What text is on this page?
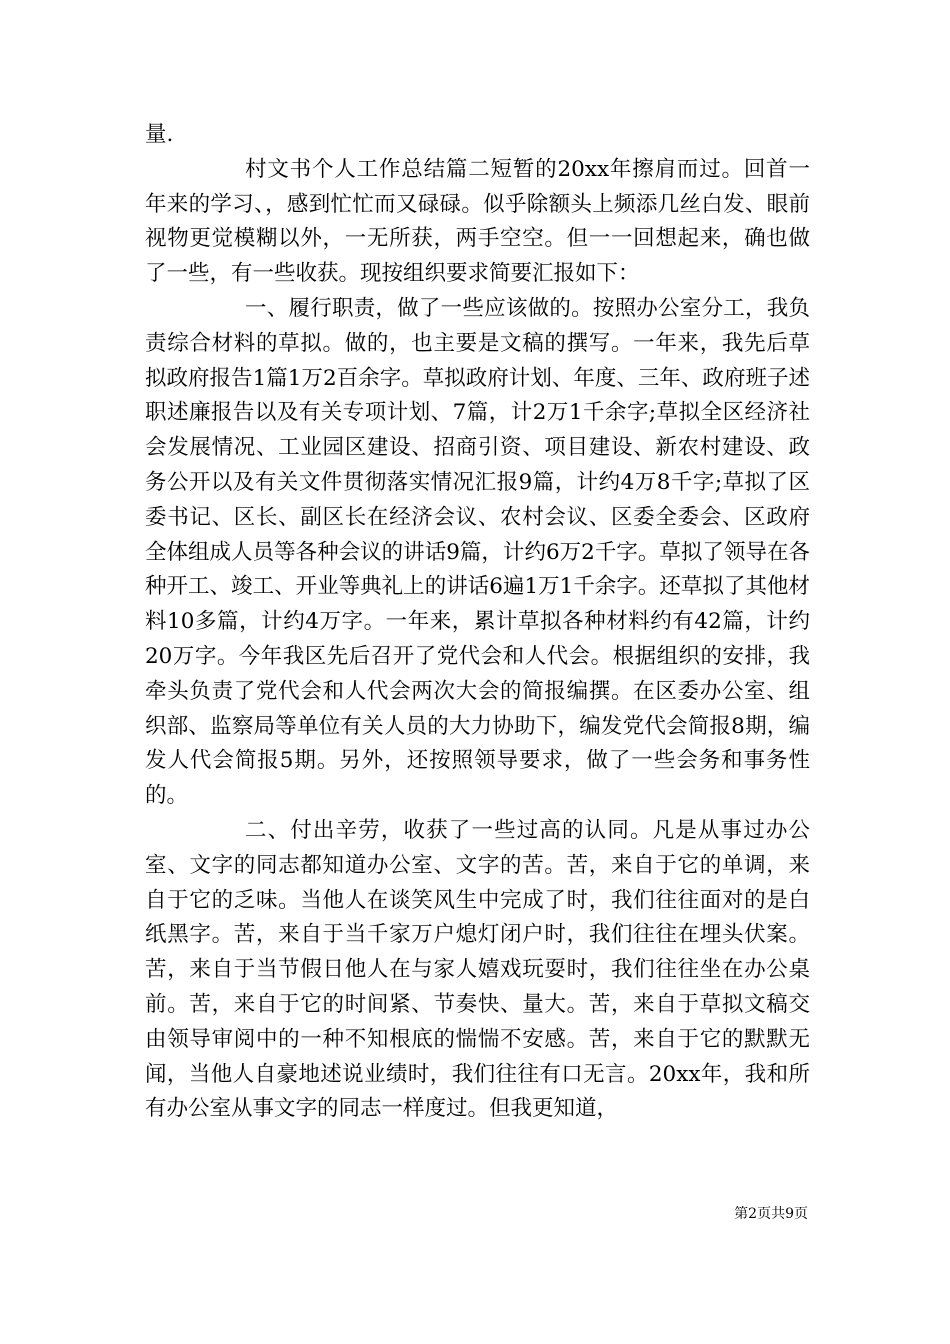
量.

村文书个人工作总结篇二短暂的20xx年擦肩而过。回首一年来的学习、，感到忙忙而又碌碌。似乎除额头上频添几丝白发、眼前视物更觉模糊以外，一无所获，两手空空。但一一回想起来，确也做了一些，有一些收获。现按组织要求简要汇报如下：

一、履行职责，做了一些应该做的。按照办公室分工，我负责综合材料的草拟。做的，也主要是文稿的撰写。一年来，我先后草拟政府报告1篇1万2百余字。草拟政府计划、年度、三年、政府班子述职述廉报告以及有关专项计划、7篇，计2万1千余字;草拟全区经济社会发展情况、工业园区建设、招商引资、项目建设、新农村建设、政务公开以及有关文件贯彻落实情况汇报9篇，计约4万8千字;草拟了区委书记、区长、副区长在经济会议、农村会议、区委全委会、区政府全体组成人员等各种会议的讲话9篇，计约6万2千字。草拟了领导在各种开工、竣工、开业等典礼上的讲话6遍1万1千余字。还草拟了其他材料10多篇，计约4万字。一年来，累计草拟各种材料约有42篇，计约20万字。今年我区先后召开了党代会和人代会。根据组织的安排，我牵头负责了党代会和人代会两次大会的简报编撰。在区委办公室、组织部、监察局等单位有关人员的大力协助下，编发党代会简报8期，编发人代会简报5期。另外，还按照领导要求，做了一些会务和事务性的。

二、付出辛劳，收获了一些过高的认同。凡是从事过办公室、文字的同志都知道办公室、文字的苦。苦，来自于它的单调，来自于它的乏味。当他人在谈笑风生中完成了时，我们往往面对的是白纸黑字。苦，来自于当千家万户熄灯闭户时，我们往往在埋头伏案。苦，来自于当节假日他人在与家人嬉戏玩耍时，我们往往坐在办公桌前。苦，来自于它的时间紧、节奏快、量大。苦，来自于草拟文稿交由领导审阅中的一种不知根底的惴惴不安感。苦，来自于它的默默无闻，当他人自豪地述说业绩时，我们往往有口无言。20xx年，我和所有办公室从事文字的同志一样度过。但我更知道，

第2页共9页
